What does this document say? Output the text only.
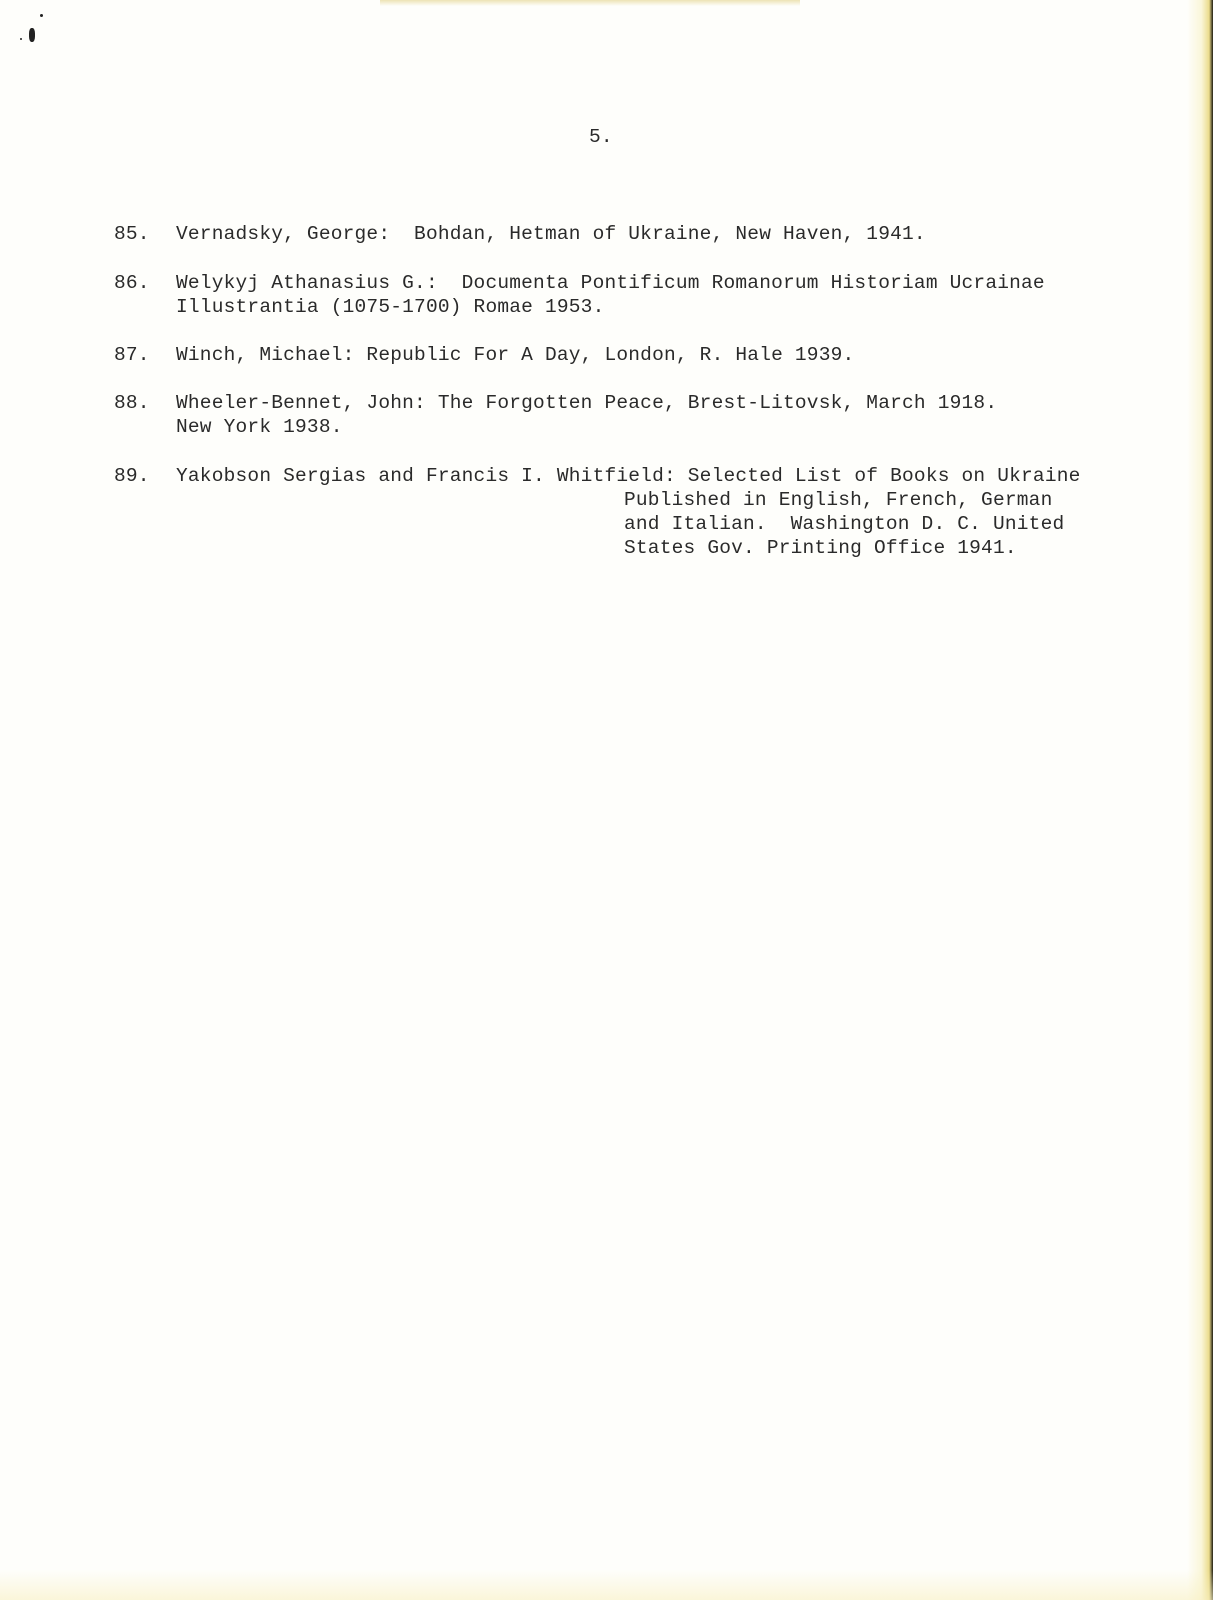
5.
85. Vernadsky, George:  Bohdan, Hetman of Ukraine, New Haven, 1941.
86. Welykyj Athanasius G.:  Documenta Pontificum Romanorum Historiam Ucrainae
Illustrantia (1075-1700) Romae 1953.
87. Winch, Michael: Republic For A Day, London, R. Hale 1939.
88. Wheeler-Bennet, John: The Forgotten Peace, Brest-Litovsk, March 1918.
New York 1938.
89. Yakobson Sergias and Francis I. Whitfield: Selected List of Books on Ukraine
Published in English, French, German
and Italian.  Washington D. C. United
States Gov. Printing Office 1941.
